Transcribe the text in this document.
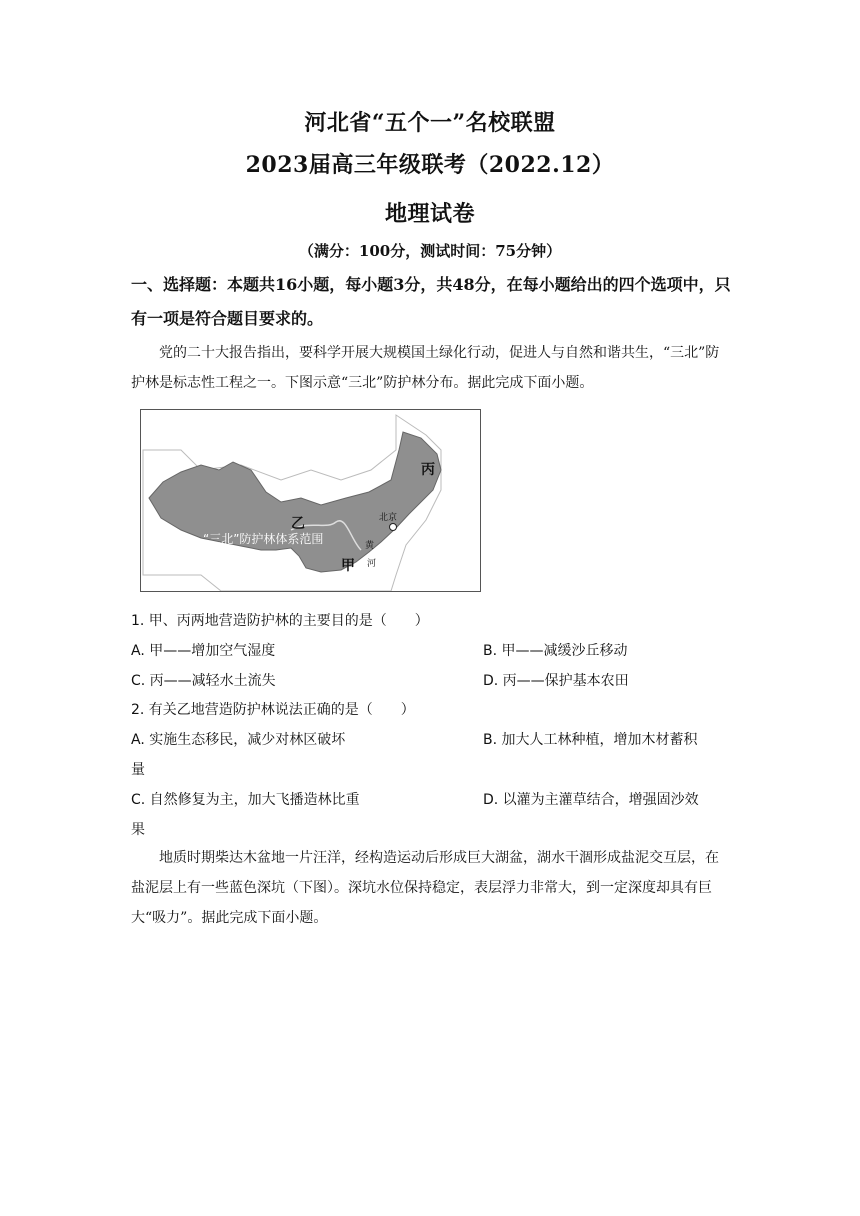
河北省“五个一”名校联盟
2023届高三年级联考（2022.12）
地理试卷
（满分：100分，测试时间：75分钟）
一、选择题：本题共16小题，每小题3分，共48分，在每小题给出的四个选项中，只有一项是符合题目要求的。
党的二十大报告指出，要科学开展大规模国土绿化行动，促进人与自然和谐共生，“三北”防护林是标志性工程之一。下图示意“三北”防护林分布。据此完成下面小题。
北京
丙
乙
甲
“三北”防护林体系范围	黄
河
1. 甲、丙两地营造防护林的主要目的是（　　）
A. 甲——增加空气湿度	B. 甲——减缓沙丘移动
C. 丙——减轻水土流失	D. 丙——保护基本农田
2. 有关乙地营造防护林说法正确的是（　　）
A. 实施生态移民，减少对林区破坏	B. 加大人工林种植，增加木材蓄积
量
C. 自然修复为主，加大飞播造林比重	D. 以灌为主灌草结合，增强固沙效
果
地质时期柴达木盆地一片汪洋，经构造运动后形成巨大湖盆，湖水干涸形成盐泥交互层，在盐泥层上有一些蓝色深坑（下图）。深坑水位保持稳定，表层浮力非常大，到一定深度却具有巨大“吸力”。据此完成下面小题。
